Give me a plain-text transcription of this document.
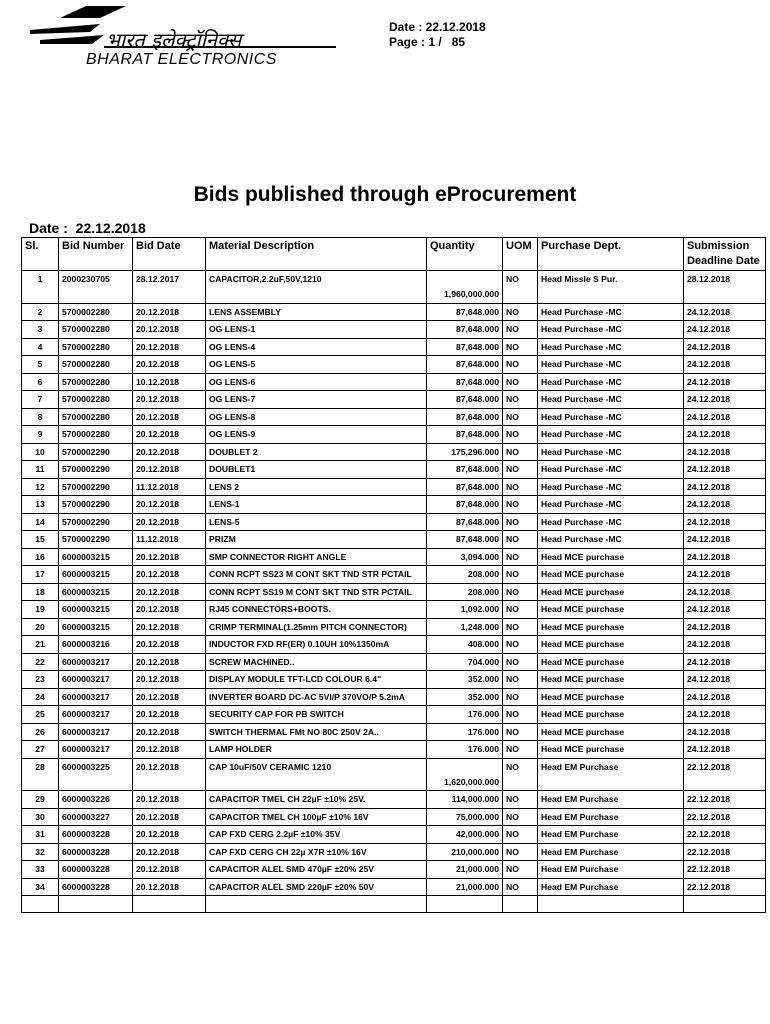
भारत इलेक्ट्रॉनिक्स
BHARAT ELECTRONICS
Date : 22.12.2018
Page : 1 /   85
Bids published through eProcurement
Date :  22.12.2018
Sl.	Bid Number	Bid Date	Material Description	Quantity	UOM	Purchase Dept.	Submission Deadline Date
1	2000230705	28.12.2017	CAPACITOR,2.2uF,50V,1210	1,960,000.000	NO	Head Missle S Pur.	28.12.2018
2	5700002280	20.12.2018	LENS ASSEMBLY	87,648.000	NO	Head Purchase -MC	24.12.2018
3	5700002280	20.12.2018	OG LENS-1	87,648.000	NO	Head Purchase -MC	24.12.2018
4	5700002280	20.12.2018	OG LENS-4	87,648.000	NO	Head Purchase -MC	24.12.2018
5	5700002280	20.12.2018	OG LENS-5	87,648.000	NO	Head Purchase -MC	24.12.2018
6	5700002280	10.12.2018	OG LENS-6	87,648.000	NO	Head Purchase -MC	24.12.2018
7	5700002280	20.12.2018	OG LENS-7	87,648.000	NO	Head Purchase -MC	24.12.2018
8	5700002280	20.12.2018	OG LENS-8	87,648.000	NO	Head Purchase -MC	24.12.2018
9	5700002280	20.12.2018	OG LENS-9	87,648.000	NO	Head Purchase -MC	24.12.2018
10	5700002290	20.12.2018	DOUBLET 2	175,296.000	NO	Head Purchase -MC	24.12.2018
11	5700002290	20.12.2018	DOUBLET1	87,648.000	NO	Head Purchase -MC	24.12.2018
12	5700002290	11.12.2018	LENS 2	87,648.000	NO	Head Purchase -MC	24.12.2018
13	5700002290	20.12.2018	LENS-1	87,648.000	NO	Head Purchase -MC	24.12.2018
14	5700002290	20.12.2018	LENS-5	87,648.000	NO	Head Purchase -MC	24.12.2018
15	5700002290	11.12.2018	PRIZM	87,648.000	NO	Head Purchase -MC	24.12.2018
16	6000003215	20.12.2018	SMP CONNECTOR RIGHT ANGLE	3,094.000	NO	Head MCE purchase	24.12.2018
17	6000003215	20.12.2018	CONN RCPT SS23 M CONT SKT TND STR PCTAIL	208.000	NO	Head MCE purchase	24.12.2018
18	6000003215	20.12.2018	CONN RCPT SS19 M CONT SKT TND STR PCTAIL	208.000	NO	Head MCE purchase	24.12.2018
19	6000003215	20.12.2018	RJ45 CONNECTORS+BOOTS.	1,092.000	NO	Head MCE purchase	24.12.2018
20	6000003215	20.12.2018	CRIMP TERMINAL(1.25mm PITCH CONNECTOR)	1,248.000	NO	Head MCE purchase	24.12.2018
21	6000003216	20.12.2018	INDUCTOR FXD RF(ER) 0.10UH 10%1350mA	408.000	NO	Head MCE purchase	24.12.2018
22	6000003217	20.12.2018	SCREW MACHINED..	704.000	NO	Head MCE purchase	24.12.2018
23	6000003217	20.12.2018	DISPLAY MODULE TFT-LCD COLOUR 6.4"	352.000	NO	Head MCE purchase	24.12.2018
24	6000003217	20.12.2018	INVERTER BOARD DC-AC 5VI/P 370VO/P 5.2mA	352.000	NO	Head MCE purchase	24.12.2018
25	6000003217	20.12.2018	SECURITY CAP FOR PB SWITCH	176.000	NO	Head MCE purchase	24.12.2018
26	6000003217	20.12.2018	SWITCH THERMAL FMt NO 80C 250V 2A..	176.000	NO	Head MCE purchase	24.12.2018
27	6000003217	20.12.2018	LAMP HOLDER	176.000	NO	Head MCE purchase	24.12.2018
28	6000003225	20.12.2018	CAP 10uF/50V CERAMIC 1210	1,620,000.000	NO	Head EM Purchase	22.12.2018
29	6000003226	20.12.2018	CAPACITOR TMEL CH 22µF ±10% 25V.	114,000.000	NO	Head EM Purchase	22.12.2018
30	6000003227	20.12.2018	CAPACITOR TMEL CH 100µF ±10% 16V	75,000.000	NO	Head EM Purchase	22.12.2018
31	6000003228	20.12.2018	CAP FXD CERG 2.2µF ±10% 35V	42,000.000	NO	Head EM Purchase	22.12.2018
32	6000003228	20.12.2018	CAP FXD CERG CH 22µ X7R ±10% 16V	210,000.000	NO	Head EM Purchase	22.12.2018
33	6000003228	20.12.2018	CAPACITOR ALEL SMD 470µF ±20% 25V	21,000.000	NO	Head EM Purchase	22.12.2018
34	6000003228	20.12.2018	CAPACITOR ALEL SMD 220µF ±20% 50V	21,000.000	NO	Head EM Purchase	22.12.2018
